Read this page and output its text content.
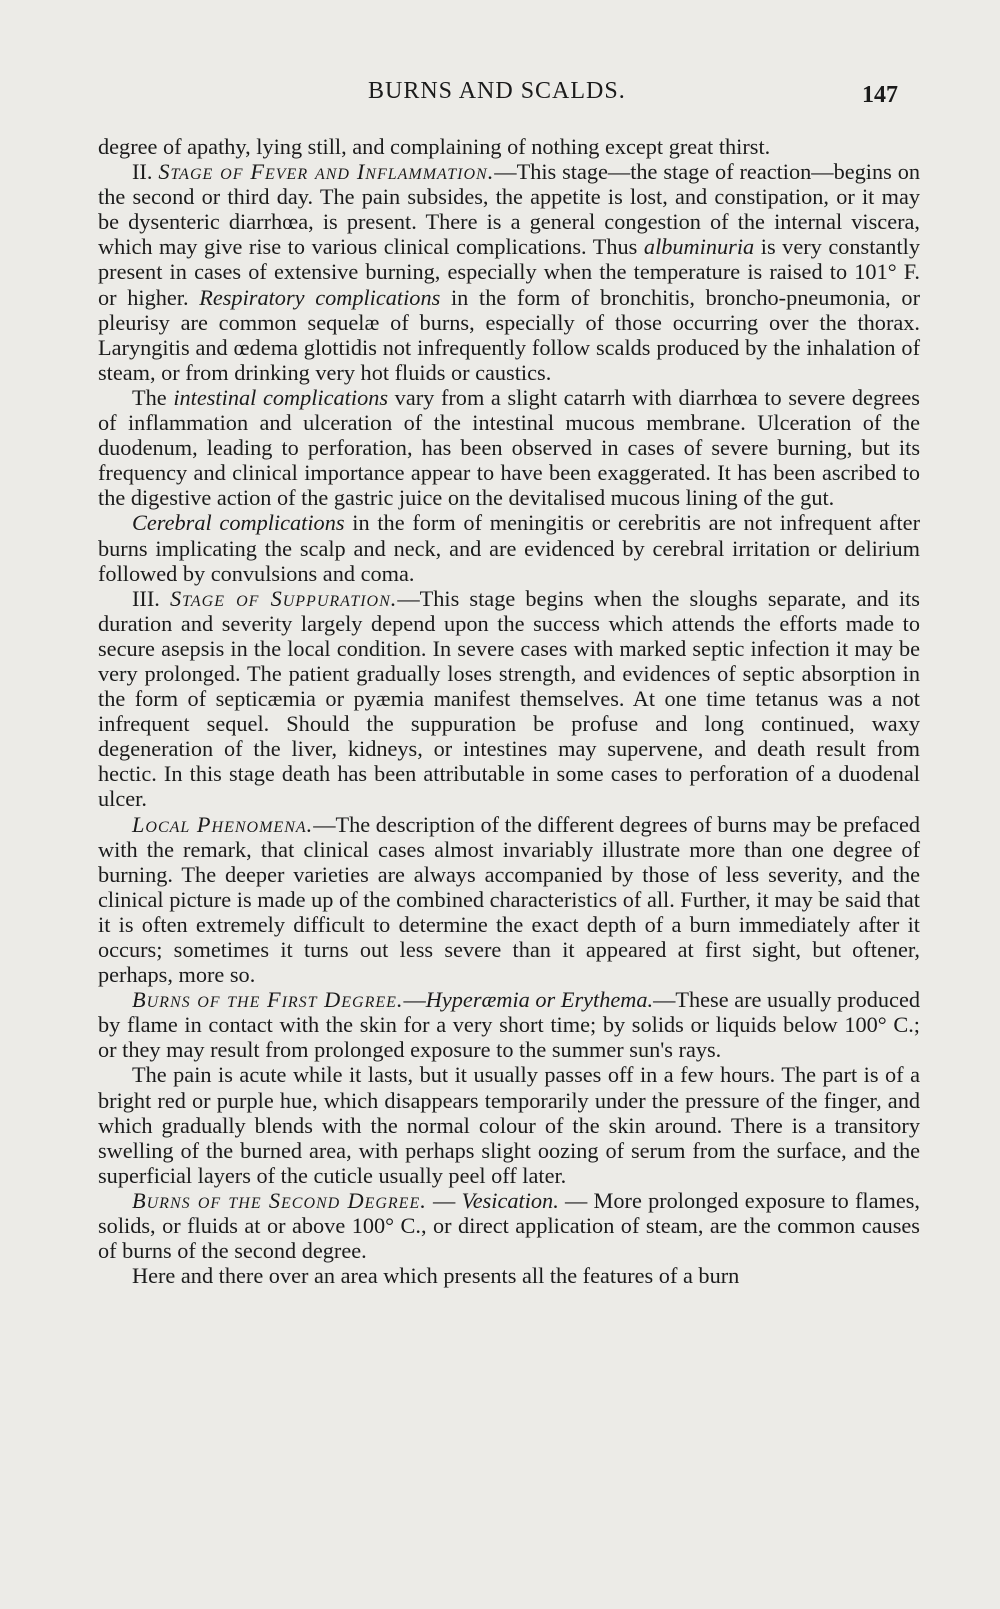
BURNS AND SCALDS.	147

degree of apathy, lying still, and complaining of nothing except great thirst.

II. Stage of Fever and Inflammation.—This stage—the stage of reaction—begins on the second or third day. The pain subsides, the appetite is lost, and constipation, or it may be dysenteric diarrhœa, is present. There is a general congestion of the internal viscera, which may give rise to various clinical complications. Thus albuminuria is very constantly present in cases of extensive burning, especially when the temperature is raised to 101° F. or higher. Respiratory complications in the form of bronchitis, broncho-pneumonia, or pleurisy are common sequelæ of burns, especially of those occurring over the thorax. Laryngitis and œdema glottidis not infrequently follow scalds produced by the inhalation of steam, or from drinking very hot fluids or caustics.

The intestinal complications vary from a slight catarrh with diarrhœa to severe degrees of inflammation and ulceration of the intestinal mucous membrane. Ulceration of the duodenum, leading to perforation, has been observed in cases of severe burning, but its frequency and clinical importance appear to have been exaggerated. It has been ascribed to the digestive action of the gastric juice on the devitalised mucous lining of the gut.

Cerebral complications in the form of meningitis or cerebritis are not infrequent after burns implicating the scalp and neck, and are evidenced by cerebral irritation or delirium followed by convulsions and coma.

III. Stage of Suppuration.—This stage begins when the sloughs separate, and its duration and severity largely depend upon the success which attends the efforts made to secure asepsis in the local condition. In severe cases with marked septic infection it may be very prolonged. The patient gradually loses strength, and evidences of septic absorption in the form of septicæmia or pyæmia manifest themselves. At one time tetanus was a not infrequent sequel. Should the suppuration be profuse and long continued, waxy degeneration of the liver, kidneys, or intestines may supervene, and death result from hectic. In this stage death has been attributable in some cases to perforation of a duodenal ulcer.

Local Phenomena.—The description of the different degrees of burns may be prefaced with the remark, that clinical cases almost invariably illustrate more than one degree of burning. The deeper varieties are always accompanied by those of less severity, and the clinical picture is made up of the combined characteristics of all. Further, it may be said that it is often extremely difficult to determine the exact depth of a burn immediately after it occurs; sometimes it turns out less severe than it appeared at first sight, but oftener, perhaps, more so.

Burns of the First Degree.—Hyperæmia or Erythema.—These are usually produced by flame in contact with the skin for a very short time; by solids or liquids below 100° C.; or they may result from prolonged exposure to the summer sun's rays.

The pain is acute while it lasts, but it usually passes off in a few hours. The part is of a bright red or purple hue, which disappears temporarily under the pressure of the finger, and which gradually blends with the normal colour of the skin around. There is a transitory swelling of the burned area, with perhaps slight oozing of serum from the surface, and the superficial layers of the cuticle usually peel off later.

Burns of the Second Degree. — Vesication. — More prolonged exposure to flames, solids, or fluids at or above 100° C., or direct application of steam, are the common causes of burns of the second degree.

Here and there over an area which presents all the features of a burn
